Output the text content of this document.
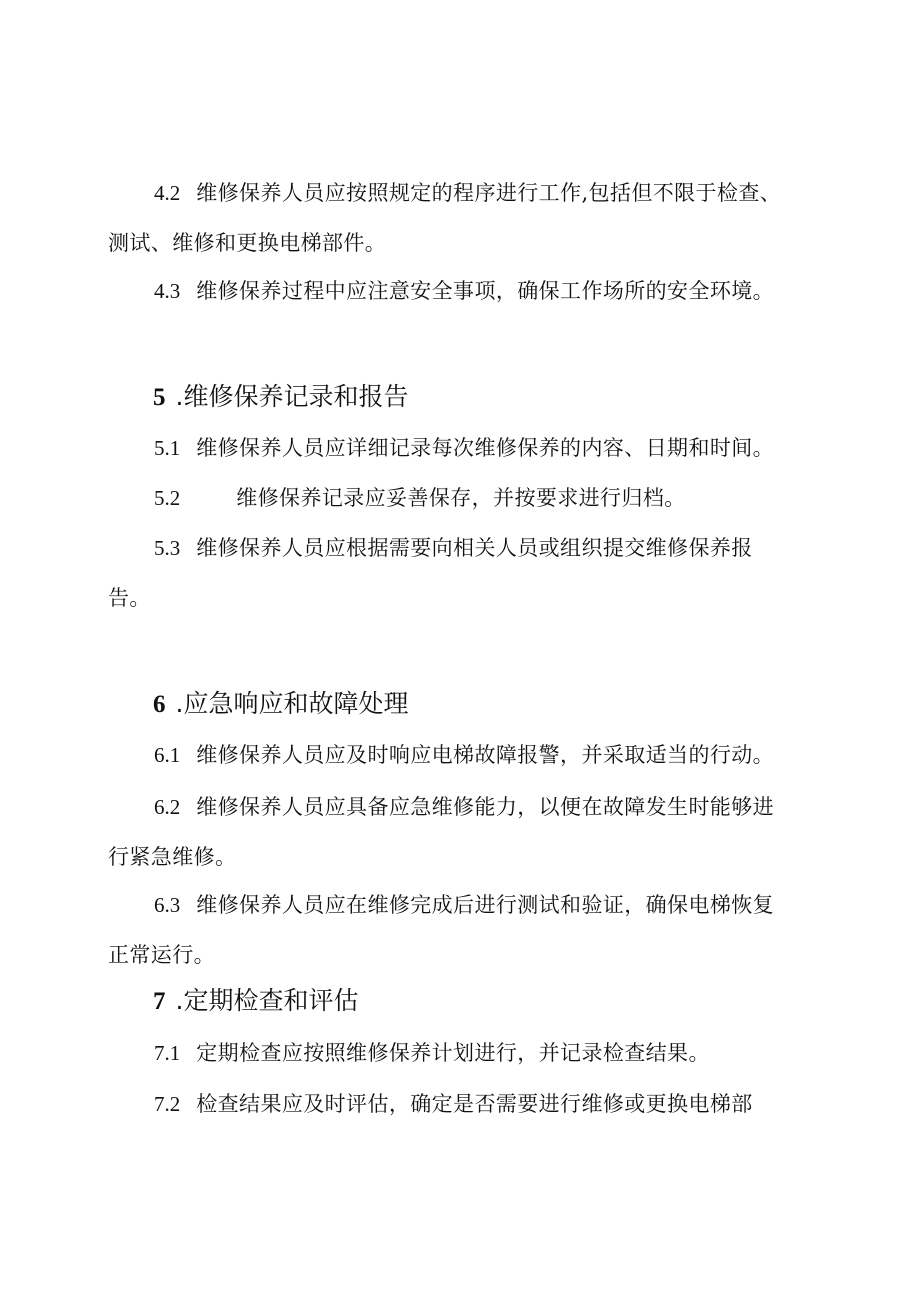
4.2 维修保养人员应按照规定的程序进行工作,包括但不限于检查、
测试、维修和更换电梯部件。
4.3 维修保养过程中应注意安全事项，确保工作场所的安全环境。
5 .维修保养记录和报告
5.1 维修保养人员应详细记录每次维修保养的内容、日期和时间。
5.2	维修保养记录应妥善保存，并按要求进行归档。
5.3 维修保养人员应根据需要向相关人员或组织提交维修保养报
告。
6 .应急响应和故障处理
6.1 维修保养人员应及时响应电梯故障报警，并采取适当的行动。
6.2 维修保养人员应具备应急维修能力，以便在故障发生时能够进
行紧急维修。
6.3 维修保养人员应在维修完成后进行测试和验证，确保电梯恢复
正常运行。
7 .定期检查和评估
7.1 定期检查应按照维修保养计划进行，并记录检查结果。
7.2 检查结果应及时评估，确定是否需要进行维修或更换电梯部
